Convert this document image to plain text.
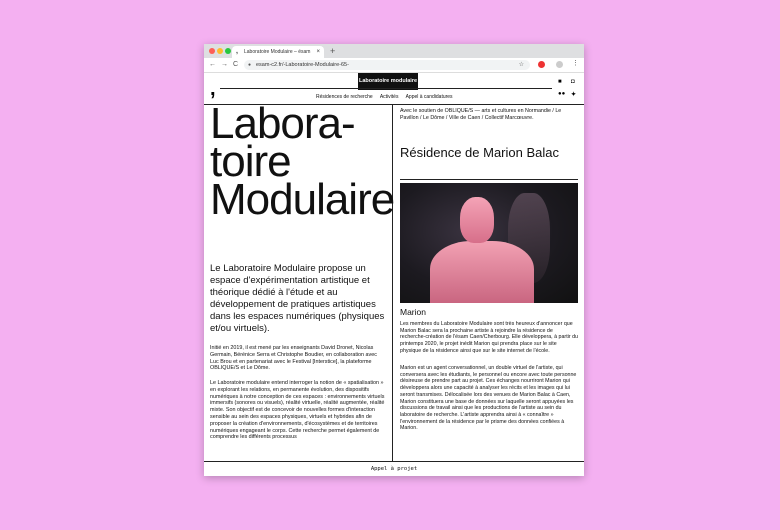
, Laboratoire Modulaire – ésam × +
← → C ● esam-c2.fr/-Laboratoire-Modulaire-65-	☆	⋮
Laboratoire modulaire
,	■ ◘
●● ✦
Résidences de recherche Activités Appel à candidatures
Labora-
toire
Modulaire
Le Laboratoire Modulaire propose un espace d'expérimentation artistique et théorique dédié à l'étude et au développement de pratiques artistiques dans les espaces numériques (physiques et/ou virtuels).
Initié en 2019, il est mené par les enseignants David Dronet, Nicolas Germain, Bérénice Serra et Christophe Boudier, en collaboration avec Luc Brou et en partenariat avec le Festival [Interstice], la plateforme OBLIQUE/S et Le Dôme.
Le Laboratoire modulaire entend interroger la notion de « spatialisation » en explorant les relations, en permanente évolution, des dispositifs numériques à notre conception de ces espaces : environnements virtuels immersifs (sonores ou visuels), réalité virtuelle, réalité augmentée, réalité mixte. Son objectif est de concevoir de nouvelles formes d'interaction sensible au sein des espaces physiques, virtuels et hybrides afin de proposer la création d'environnements, d'écosystèmes et de territoires numériques engageant le corps. Cette recherche permet également de comprendre les différents processus
Avec le soutien de OBLIQUE/S — arts et cultures en Normandie / Le Pavillon / Le Dôme / Ville de Caen / Collectif Marcœuvre.
Résidence de Marion Balac
Marion
Les membres du Laboratoire Modulaire sont très heureux d'annoncer que Marion Balac sera la prochaine artiste à rejoindre la résidence de recherche-création de l'ésam Caen/Cherbourg. Elle développera, à partir du printemps 2020, le projet inédit Marion qui prendra place sur le site physique de la résidence ainsi que sur le site internet de l'école.
Marion est un agent conversationnel, un double virtuel de l'artiste, qui conversera avec les étudiants, le personnel ou encore avec toute personne désireuse de prendre part au projet. Ces échanges nourriront Marion qui développera alors une capacité à analyser les récits et les images qui lui seront transmises. Délocalisée lors des venues de Marion Balac à Caen, Marion constituera une base de données sur laquelle seront appuyées les discussions de travail ainsi que les productions de l'artiste au sein du laboratoire de recherche. L'artiste apprendra ainsi à « connaître » l'environnement de la résidence par le prisme des données confiées à Marion.
Appel à projet
